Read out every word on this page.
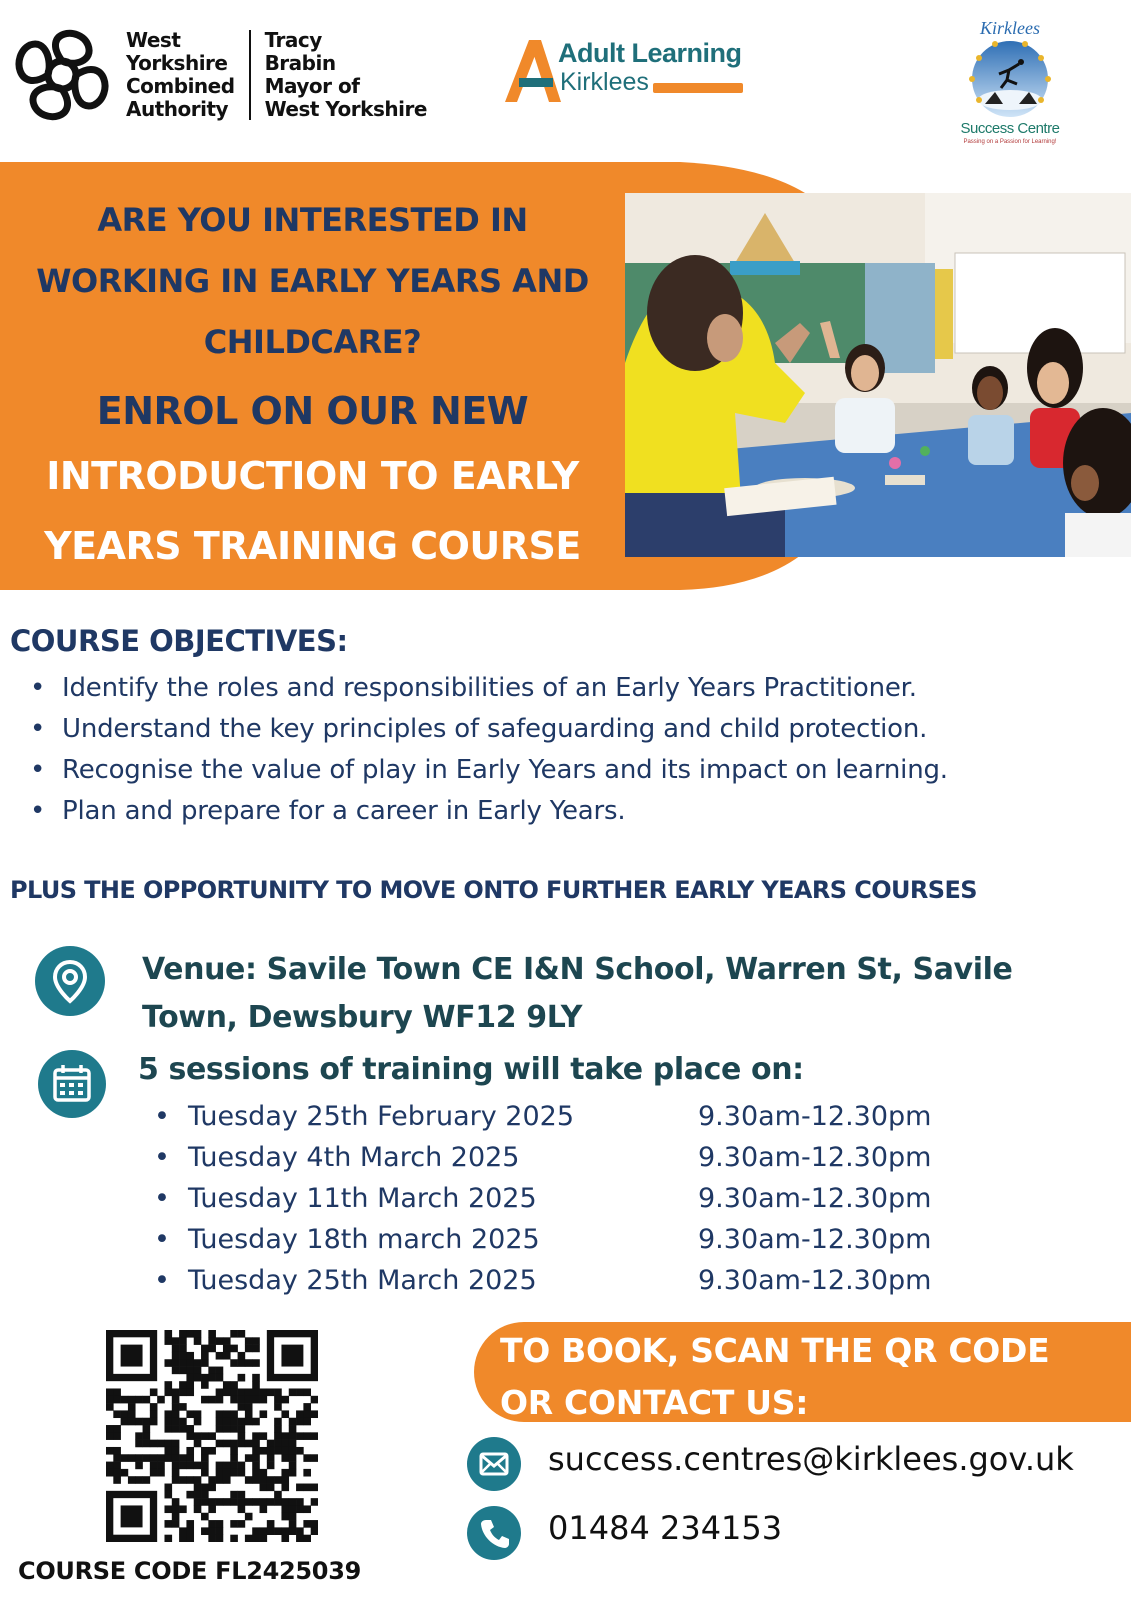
West
Yorkshire
Combined
Authority
Tracy
Brabin
Mayor of
West Yorkshire
Adult Learning
Kirklees
Kirklees
Success Centre
Passing on a Passion for Learning!
ARE YOU INTERESTED IN
WORKING IN EARLY YEARS AND
CHILDCARE?
ENROL ON OUR NEW
INTRODUCTION TO EARLY
YEARS TRAINING COURSE
COURSE OBJECTIVES:
• Identify the roles and responsibilities of an Early Years Practitioner.
• Understand the key principles of safeguarding and child protection.
• Recognise the value of play in Early Years and its impact on learning.
• Plan and prepare for a career in Early Years.
PLUS THE OPPORTUNITY TO MOVE ONTO FURTHER EARLY YEARS COURSES
Venue: Savile Town CE I&N School, Warren St, Savile Town, Dewsbury WF12 9LY
5 sessions of training will take place on:
• Tuesday 25th February 2025	9.30am-12.30pm
• Tuesday 4th March 2025	9.30am-12.30pm
• Tuesday 11th March 2025	9.30am-12.30pm
• Tuesday 18th march 2025	9.30am-12.30pm
• Tuesday 25th March 2025	9.30am-12.30pm
COURSE CODE FL2425039
TO BOOK, SCAN THE QR CODE
OR CONTACT US:
success.centres@kirklees.gov.uk
01484 234153
